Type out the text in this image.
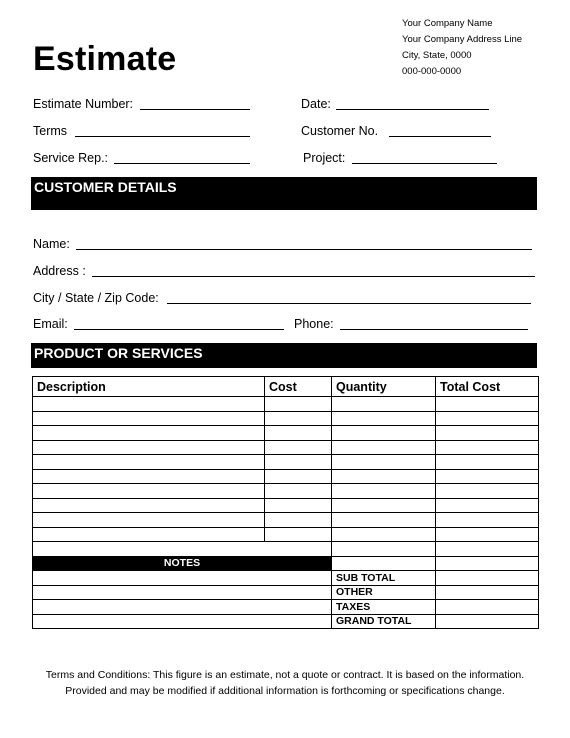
Estimate
Your Company Name
Your Company Address Line
City, State, 0000
000-000-0000
Estimate Number:	Date:
Terms	Customer No.
Service Rep.:	Project:
CUSTOMER DETAILS
Name:
Address :
City / State / Zip Code:
Email:	Phone:
PRODUCT OR SERVICES
Description	Cost	Quantity	Total Cost

NOTES			
		SUB TOTAL	
		OTHER	
		TAXES	
		GRAND TOTAL	
Terms and Conditions: This figure is an estimate, not a quote or contract. It is based on the information.
Provided and may be modified if additional information is forthcoming or specifications change.
